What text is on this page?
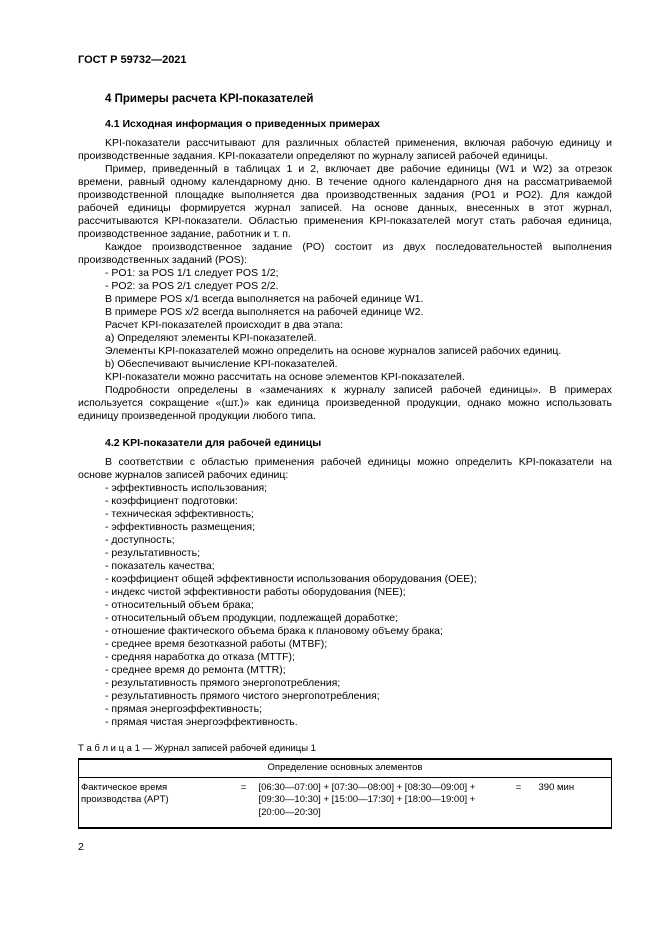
ГОСТ Р 59732—2021
4 Примеры расчета KPI-показателей
4.1 Исходная информация о приведенных примерах

KPI-показатели рассчитывают для различных областей применения, включая рабочую единицу и производственные задания. KPI-показатели определяют по журналу записей рабочей единицы.

Пример, приведенный в таблицах 1 и 2, включает две рабочие единицы (W1 и W2) за отрезок времени, равный одному календарному дню. В течение одного календарного дня на рассматриваемой производственной площадке выполняется два производственных задания (PO1 и PO2). Для каждой рабочей единицы формируется журнал записей. На основе данных, внесенных в этот журнал, рассчитываются KPI-показатели. Областью применения KPI-показателей могут стать рабочая единица, производственное задание, работник и т. п.

Каждое производственное задание (PO) состоит из двух последовательностей выполнения производственных заданий (POS):

- PO1: за POS 1/1 следует POS 1/2;
- PO2: за POS 2/1 следует POS 2/2.

В примере POS x/1 всегда выполняется на рабочей единице W1.

В примере POS x/2 всегда выполняется на рабочей единице W2.

Расчет KPI-показателей происходит в два этапа:

a) Определяют элементы KPI-показателей.

Элементы KPI-показателей можно определить на основе журналов записей рабочих единиц.

b) Обеспечивают вычисление KPI-показателей.

KPI-показатели можно рассчитать на основе элементов KPI-показателей.

Подробности определены в «замечаниях к журналу записей рабочей единицы». В примерах используется сокращение «(шт.)» как единица произведенной продукции, однако можно использовать единицу произведенной продукции любого типа.

4.2 KPI-показатели для рабочей единицы

В соответствии с областью применения рабочей единицы можно определить KPI-показатели на основе журналов записей рабочих единиц:

- эффективность использования;
- коэффициент подготовки:
- техническая эффективность;
- эффективность размещения;
- доступность;
- результативность;
- показатель качества;
- коэффициент общей эффективности использования оборудования (OEE);
- индекс чистой эффективности работы оборудования (NEE);
- относительный объем брака;
- относительный объем продукции, подлежащей доработке;
- отношение фактического объема брака к плановому объему брака;
- среднее время безотказной работы (MTBF);
- средняя наработка до отказа (MTTF);
- среднее время до ремонта (MTTR);
- результативность прямого энергопотребления;
- результативность прямого чистого энергопотребления;
- прямая энергоэффективность;
- прямая чистая энергоэффективность.
Т а б л и ц а 1 — Журнал записей рабочей единицы 1
Определение основных элементов
Фактическое время производства (APT)	=	[06:30—07:00] + [07:30—08:00] + [08:30—09:00] + [09:30—10:30] + [15:00—17:30] + [18:00—19:00] + [20:00—20:30]	=	390 мин
2
